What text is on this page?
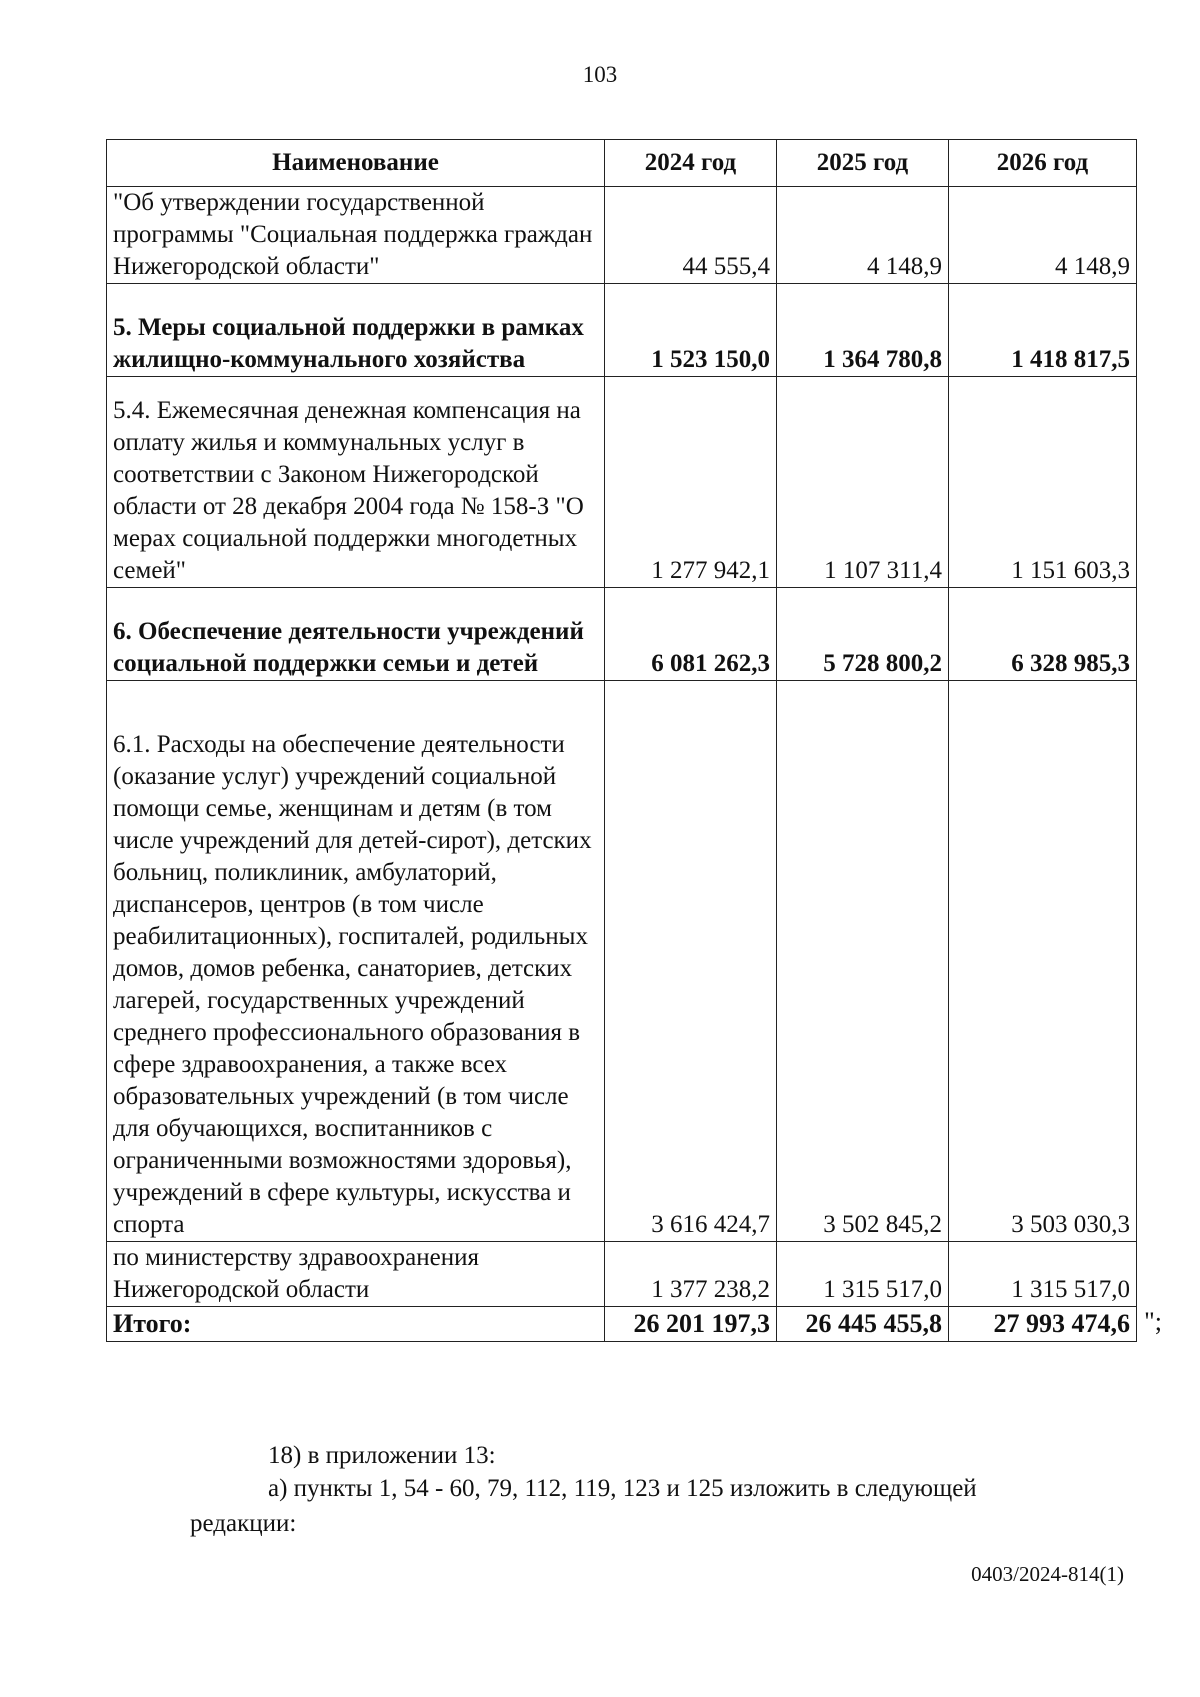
103
Наименование	2024 год	2025 год	2026 год
"Об утверждении государственной программы "Социальная поддержка граждан Нижегородской области"	44 555,4	4 148,9	4 148,9
5. Меры социальной поддержки в рамках жилищно-коммунального хозяйства	1 523 150,0	1 364 780,8	1 418 817,5
5.4. Ежемесячная денежная компенсация на оплату жилья и коммунальных услуг в соответствии с Законом Нижегородской области от 28 декабря 2004 года № 158-З "О мерах социальной поддержки многодетных семей"	1 277 942,1	1 107 311,4	1 151 603,3
6. Обеспечение деятельности учреждений социальной поддержки семьи и детей	6 081 262,3	5 728 800,2	6 328 985,3
6.1. Расходы на обеспечение деятельности (оказание услуг) учреждений социальной помощи семье, женщинам и детям (в том числе учреждений для детей-сирот), детских больниц, поликлиник, амбулаторий, диспансеров, центров (в том числе реабилитационных), госпиталей, родильных домов, домов ребенка, санаториев, детских лагерей, государственных учреждений среднего профессионального образования в сфере здравоохранения, а также всех образовательных учреждений (в том числе для обучающихся, воспитанников с ограниченными возможностями здоровья), учреждений в сфере культуры, искусства и спорта	3 616 424,7	3 502 845,2	3 503 030,3
по министерству здравоохранения Нижегородской области	1 377 238,2	1 315 517,0	1 315 517,0
Итого:	26 201 197,3	26 445 455,8	27 993 474,6 ";
18) в приложении 13:
а) пункты 1, 54 - 60, 79, 112, 119, 123 и 125 изложить в следующей
редакции:
0403/2024-814(1)
